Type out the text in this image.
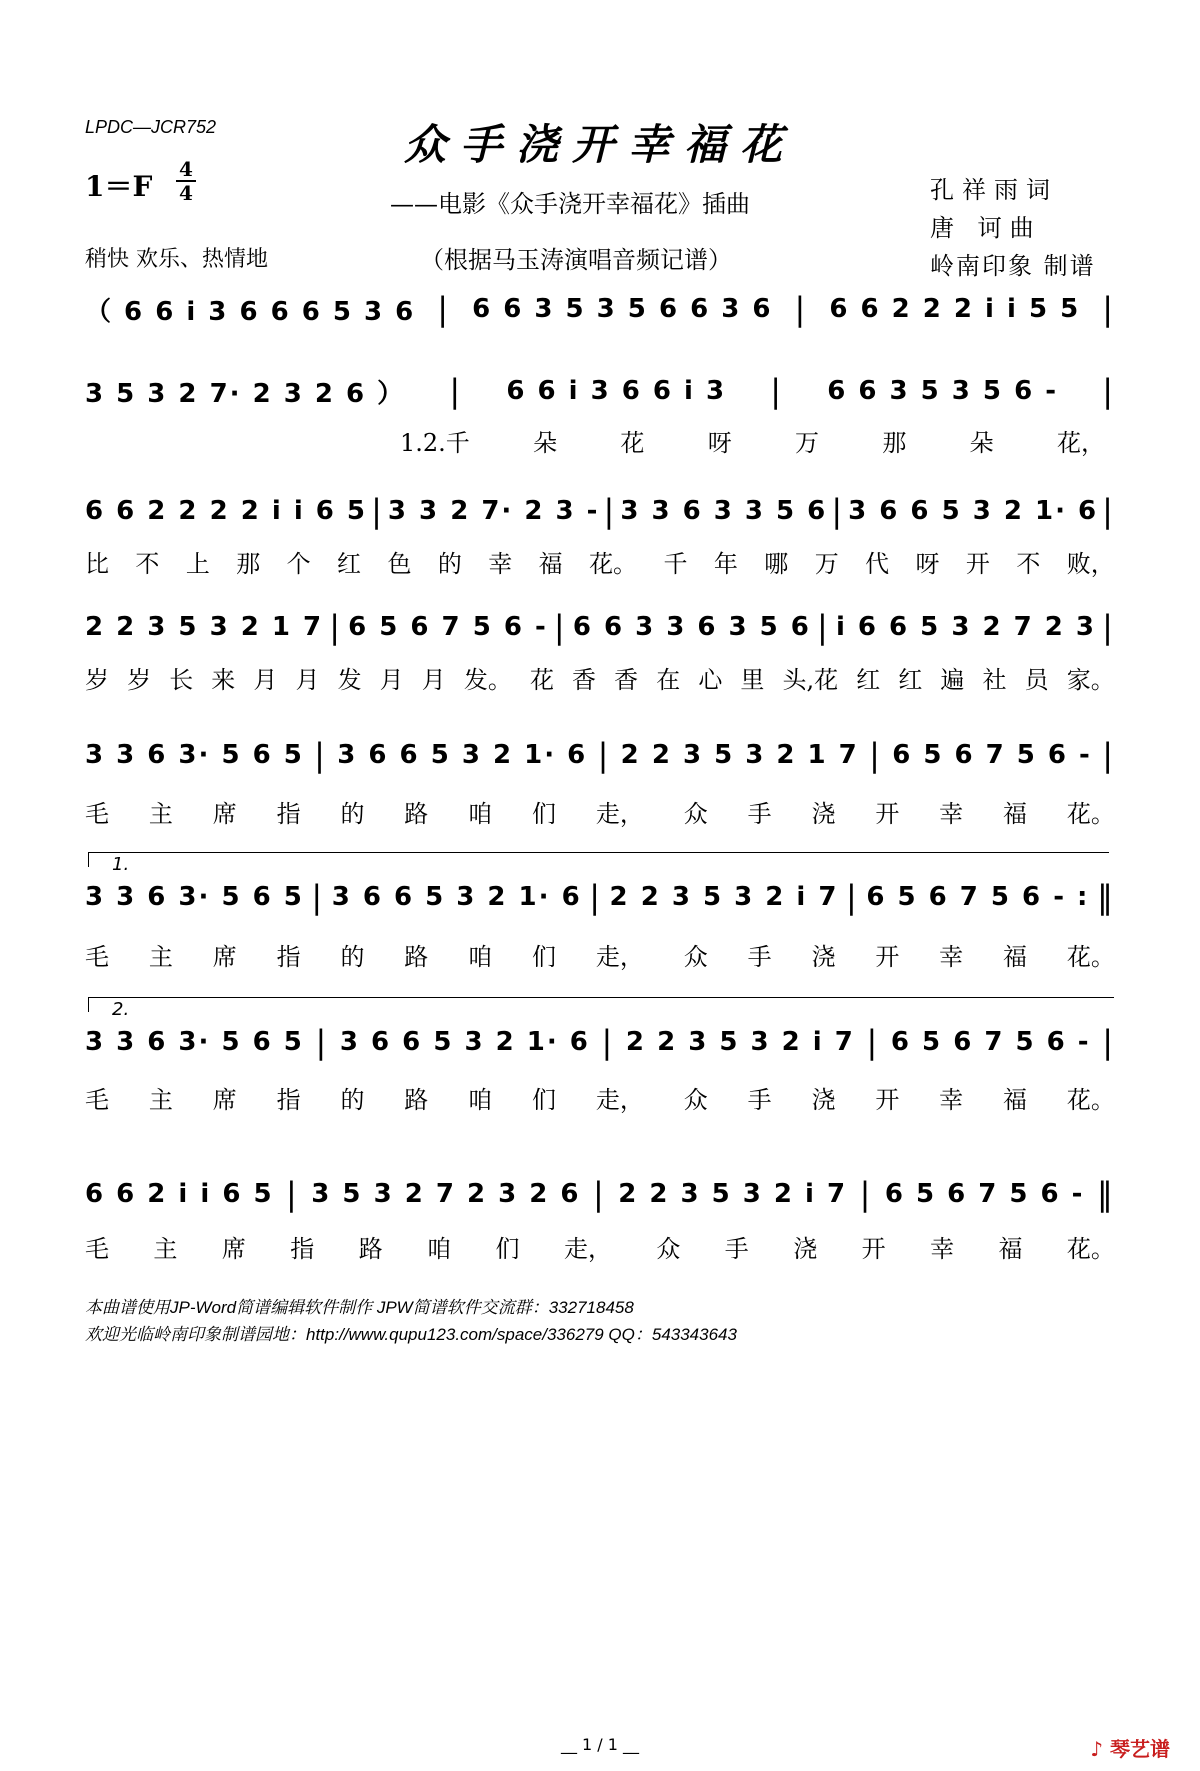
LPDC—JCR752	众手浇开幸福花
1＝F
4
4	——电影《众手浇开幸福花》插曲
稍快 欢乐、热情地	（根据马玉涛演唱音频记谱）
孔祥雨词
唐 诃曲
岭南印象 制谱
（ 6 6 i 3 6 6 6 5 3 6 | 6 6 3 5 3 5 6 6 3 6 | 6 6 2 2 2 i i 5 5 |
3 5 3 2 7· 2 3 2 6 ） | 6 6 i 3 6 6 i 3 | 6 6 3 5 3 5 6 - |
1.2.千	朵	花	呀	万	那	朵	花，
6 6 2 2 2 2 i i 6 5 | 3 3 2 7· 2 3 - | 3 3 6 3 3 5 6 | 3 6 6 5 3 2 1· 6 |
比 不 上 那 个 红 色 的 幸 福 花。 千 年 哪 万 代 呀 开 不 败，
2 2 3 5 3 2 1 7 | 6 5 6 7 5 6 - | 6 6 3 3 6 3 5 6 | i 6 6 5 3 2 7 2 3 |
岁 岁 长 来 月 月 发 月 月 发。 花 香 香 在 心 里 头,花 红 红 遍 社 员 家。
3 3 6 3· 5 6 5 | 3 6 6 5 3 2 1· 6 | 2 2 3 5 3 2 1 7 | 6 5 6 7 5 6 - |
毛 主 席 指 的 路 咱 们 走， 众 手 浇 开 幸 福 花。
1.
3 3 6 3· 5 6 5 | 3 6 6 5 3 2 1· 6 | 2 2 3 5 3 2 i 7 | 6 5 6 7 5 6 - : ‖
毛 主 席 指 的 路 咱 们 走， 众 手 浇 开 幸 福 花。
2.
3 3 6 3· 5 6 5 | 3 6 6 5 3 2 1· 6 | 2 2 3 5 3 2 i 7 | 6 5 6 7 5 6 - |
毛 主 席 指 的 路 咱 们 走， 众 手 浇 开 幸 福 花。
6 6 2 i i 6 5 | 3 5 3 2 7 2 3 2 6 | 2 2 3 5 3 2 i 7 | 6 5 6 7 5 6 - ‖
毛 主 席 指 路 咱 们 走， 众 手 浇 开 幸 福 花。
本曲谱使用JP-Word简谱编辑软件制作 JPW简谱软件交流群：332718458
欢迎光临岭南印象制谱园地：http://www.qupu123.com/space/336279 QQ：543343643
__ 1 / 1 __	♪ 琴艺谱
